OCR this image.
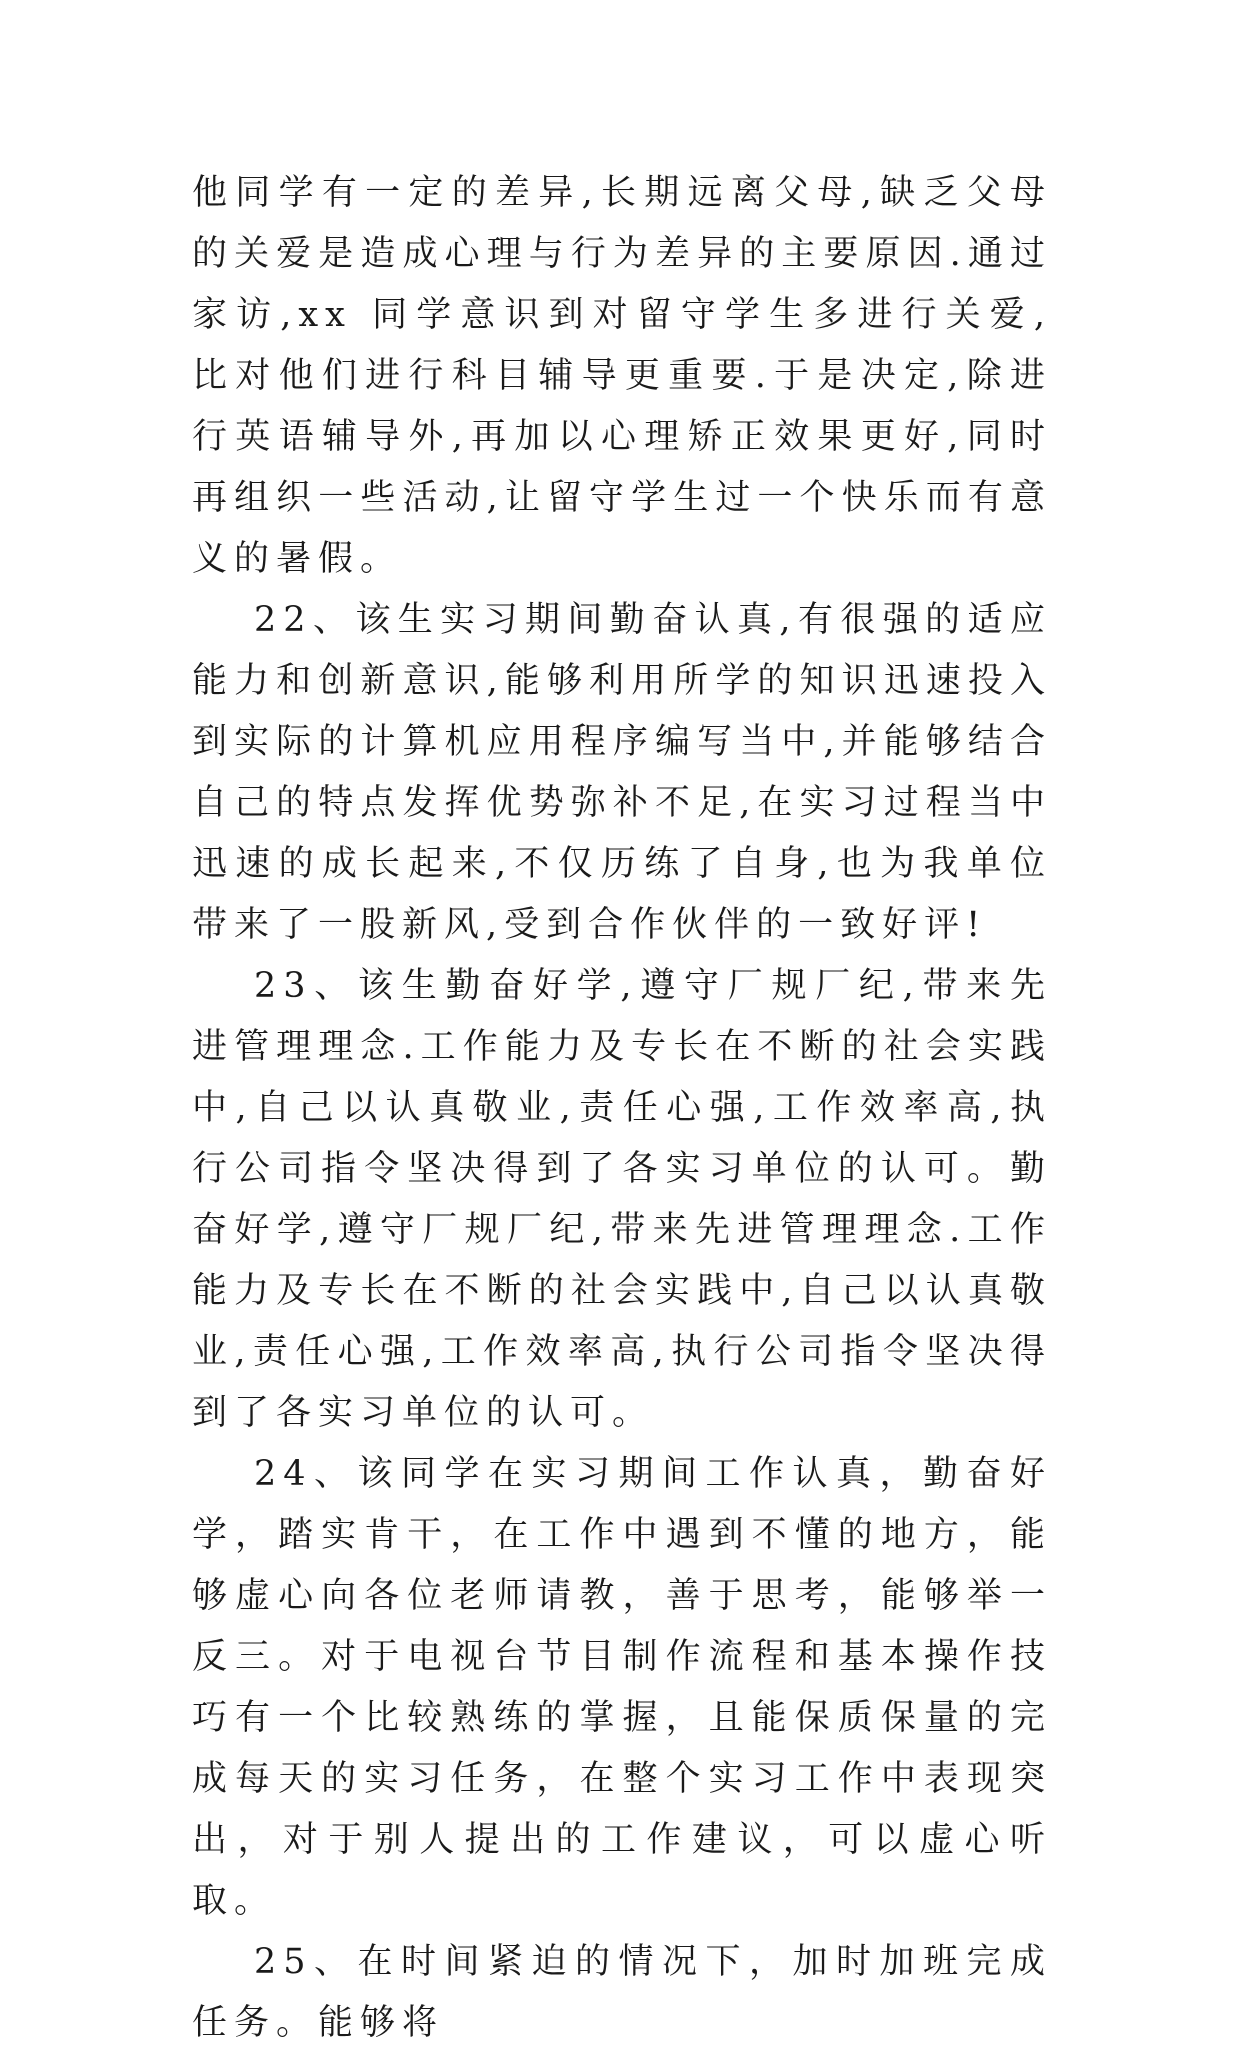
他同学有一定的差异,长期远离父母,缺乏父母的关爱是造成心理与行为差异的主要原因.通过家访,xx 同学意识到对留守学生多进行关爱,比对他们进行科目辅导更重要.于是决定,除进行英语辅导外,再加以心理矫正效果更好,同时再组织一些活动,让留守学生过一个快乐而有意义的暑假。

22、该生实习期间勤奋认真,有很强的适应能力和创新意识,能够利用所学的知识迅速投入到实际的计算机应用程序编写当中,并能够结合自己的特点发挥优势弥补不足,在实习过程当中迅速的成长起来,不仅历练了自身,也为我单位带来了一股新风,受到合作伙伴的一致好评!

23、该生勤奋好学,遵守厂规厂纪,带来先进管理理念.工作能力及专长在不断的社会实践中,自己以认真敬业,责任心强,工作效率高,执行公司指令坚决得到了各实习单位的认可。勤奋好学,遵守厂规厂纪,带来先进管理理念.工作能力及专长在不断的社会实践中,自己以认真敬业,责任心强,工作效率高,执行公司指令坚决得到了各实习单位的认可。

24、该同学在实习期间工作认真，勤奋好学，踏实肯干，在工作中遇到不懂的地方，能够虚心向各位老师请教，善于思考，能够举一反三。对于电视台节目制作流程和基本操作技巧有一个比较熟练的掌握，且能保质保量的完成每天的实习任务，在整个实习工作中表现突出，对于别人提出的工作建议，可以虚心听取。

25、在时间紧迫的情况下，加时加班完成任务。能够将
